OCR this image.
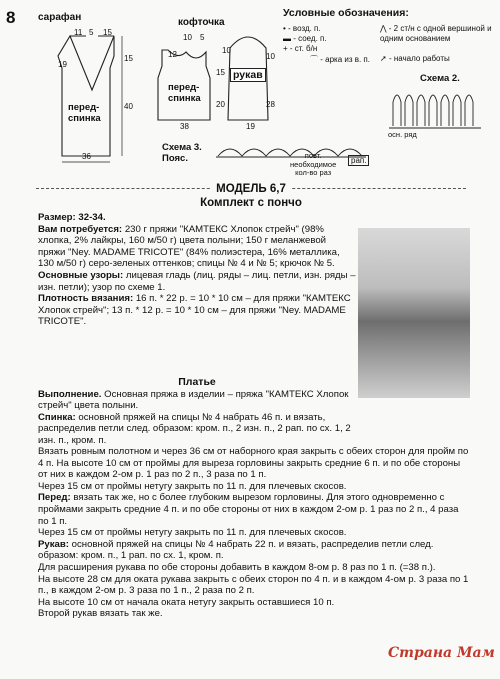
8 сарафан
11 5 15
19
15
40
36
перед-
спинка
кофточка
10 5
12	10
15
20
38
28
19
10
перед-
спинка
рукав
Условные обозначения:
• - возд. п.
▬ - соед. п.
+ - ст. б/н
⋀ - 2 ст/н с одной вершиной и одним основанием
➚ - начало работы
⌒ - арка из в. п.
Схема 2.
осн. ряд
Схема 3.
Пояс.	повт.
необходимое
кол-во раз
рап.
МОДЕЛЬ 6,7
Комплект с пончо

Размер: 32-34.

Вам потребуется: 230 г пряжи "КАМТЕКС Хлопок стрейч" (98% хлопка, 2% лайкры, 160 м/50 г) цвета полыни; 150 г меланжевой пряжи "Ney. MADAME TRICOTE" (84% полиэстера, 16% металлика, 130 м/50 г) серо-зеленых оттенков; спицы № 4 и № 5; крючок № 5.

Основные узоры: лицевая гладь (лиц. ряды – лиц. петли, изн. ряды – изн. петли); узор по схеме 1.

Плотность вязания: 16 п. * 22 р. = 10 * 10 см – для пряжи "КАМТЕКС Хлопок стрейч"; 13 п. * 12 р. = 10 * 10 см – для пряжи "Ney. MADAME TRICOTE".

Платье

Выполнение. Основная пряжа в изделии – пряжа "КАМТЕКС Хлопок стрейч" цвета полыни.

Спинка: основной пряжей на спицы № 4 набрать 46 п. и вязать, распределив петли след. образом: кром. п., 2 изн. п., 2 рап. по сх. 1, 2 изн. п., кром. п.

Вязать ровным полотном и через 36 см от наборного края закрыть с обеих сторон для пройм по 4 п. На высоте 10 см от проймы для выреза горловины закрыть средние 6 п. и по обе стороны от них в каждом 2-ом р. 1 раз по 2 п., 3 раза по 1 п.

Через 15 см от проймы нетугу закрыть по 11 п. для плечевых скосов.

Перед: вязать так же, но с более глубоким вырезом горловины. Для этого одновременно с проймами закрыть средние 4 п. и по обе стороны от них в каждом 2-ом р. 1 раз по 2 п., 4 раза по 1 п.

Через 15 см от проймы нетугу закрыть по 11 п. для плечевых скосов.

Рукав: основной пряжей на спицы № 4 набрать 22 п. и вязать, распределив петли след. образом: кром. п., 1 рап. по сх. 1, кром. п.

Для расширения рукава по обе стороны добавить в каждом 8-ом р. 8 раз по 1 п. (=38 п.).

На высоте 28 см для оката рукава закрыть с обеих сторон по 4 п. и в каждом 4-ом р. 3 раза по 1 п., в каждом 2-ом р. 3 раза по 1 п., 2 раза по 2 п.

На высоте 10 см от начала оката нетугу закрыть оставшиеся 10 п.

Второй рукав вязать так же.

Страна Мам
